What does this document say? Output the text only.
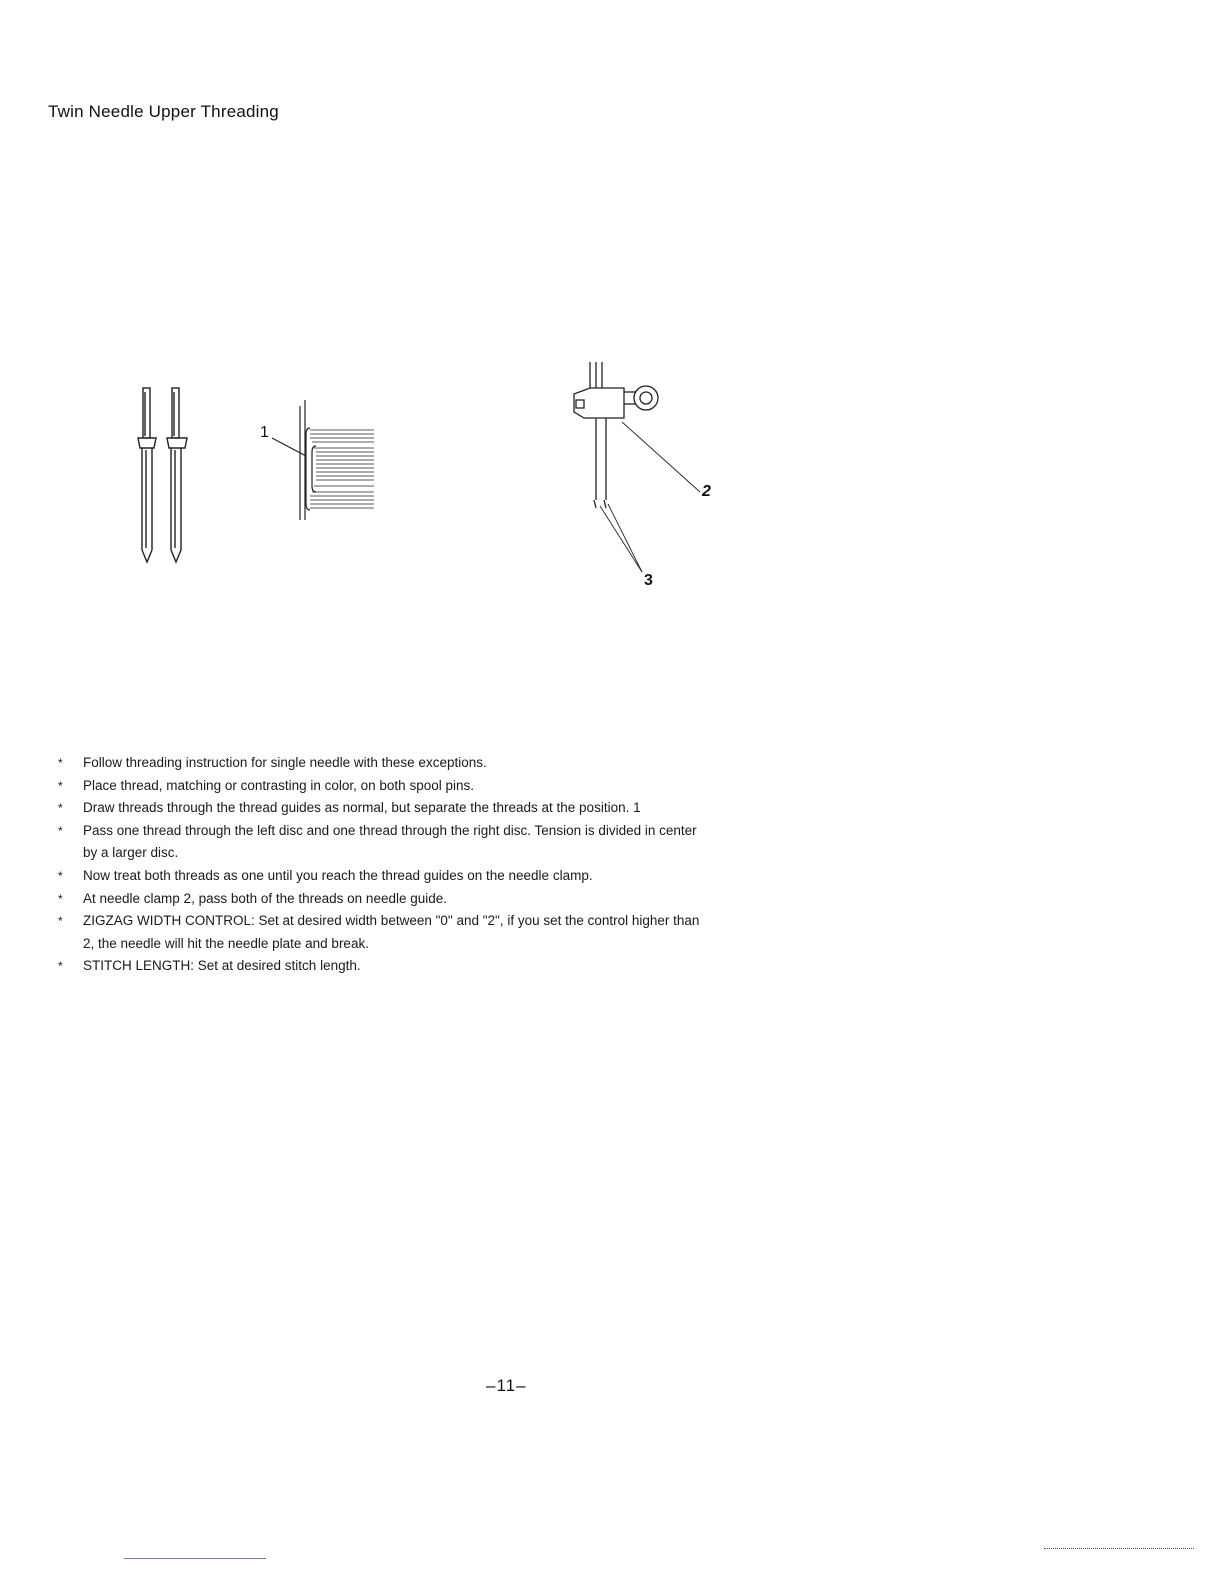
Twin Needle Upper Threading
1
2
3
* Follow threading instruction for single needle with these exceptions.
* Place thread, matching or contrasting in color, on both spool pins.
* Draw threads through the thread guides as normal, but separate the threads at the position. 1
* Pass one thread through the left disc and one thread through the right disc. Tension is divided in center by a larger disc.
* Now treat both threads as one until you reach the thread guides on the needle clamp.
* At needle clamp 2, pass both of the threads on needle guide.
* ZIGZAG WIDTH CONTROL: Set at desired width between "0" and "2", if you set the control higher than 2, the needle will hit the needle plate and break.
* STITCH LENGTH: Set at desired stitch length.
–11–
